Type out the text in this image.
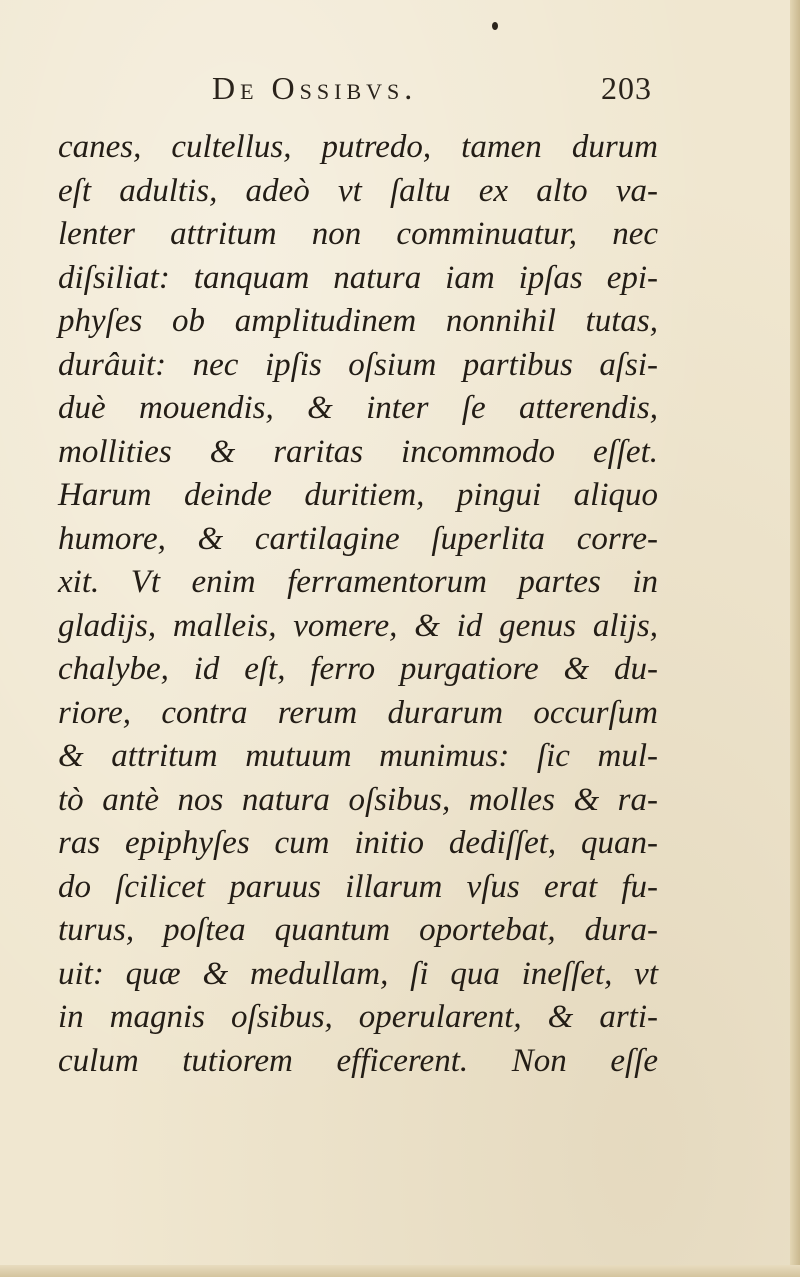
De Ossibvs.	203
canes, cultellus, putredo, tamen durum
eſt adultis, adeò vt ſaltu ex alto va-
lenter attritum non comminuatur, nec
diſsiliat: tanquam natura iam ipſas epi-
phyſes ob amplitudinem nonnihil tutas,
durâuit: nec ipſis oſsium partibus aſsi-
duè mouendis, & inter ſe atterendis,
mollities & raritas incommodo eſſet.
Harum deinde duritiem, pingui aliquo
humore, & cartilagine ſuperlita corre-
xit. Vt enim ferramentorum partes in
gladijs, malleis, vomere, & id genus alijs,
chalybe, id eſt, ferro purgatiore & du-
riore, contra rerum durarum occurſum
& attritum mutuum munimus: ſic mul-
tò antè nos natura oſsibus, molles & ra-
ras epiphyſes cum initio dediſſet, quan-
do ſcilicet paruus illarum vſus erat fu-
turus, poſtea quantum oportebat, dura-
uit: quæ & medullam, ſi qua ineſſet, vt
in magnis oſsibus, operularent, & arti-
culum tutiorem efficerent. Non eſſe
